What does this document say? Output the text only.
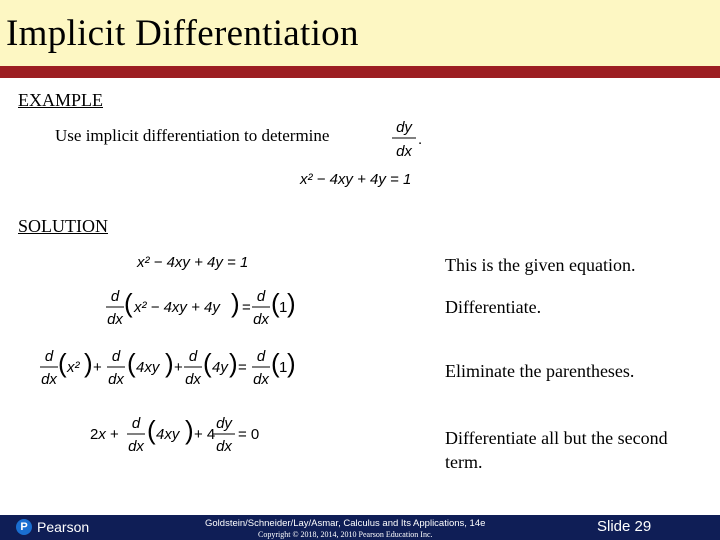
Implicit Differentiation
EXAMPLE
Use implicit differentiation to determine	dy
dx
.
x² − 4xy + 4y = 1
SOLUTION
x² − 4xy + 4y = 1	This is the given equation.
d
dx
( x² − 4xy + 4y ) =
d
dx
( 1 )	Differentiate.
d
dx
( x² ) +
d
dx
( 4xy ) +
d
dx
( 4y ) =
d
dx
( 1 )	Eliminate the parentheses.
2x +
d
dx
( 4xy ) + 4
dy
dx
= 0	Differentiate all but the second term.
P Pearson	Goldstein/Schneider/Lay/Asmar, Calculus and Its Applications, 14e
Copyright © 2018, 2014, 2010 Pearson Education Inc.	Slide 29
